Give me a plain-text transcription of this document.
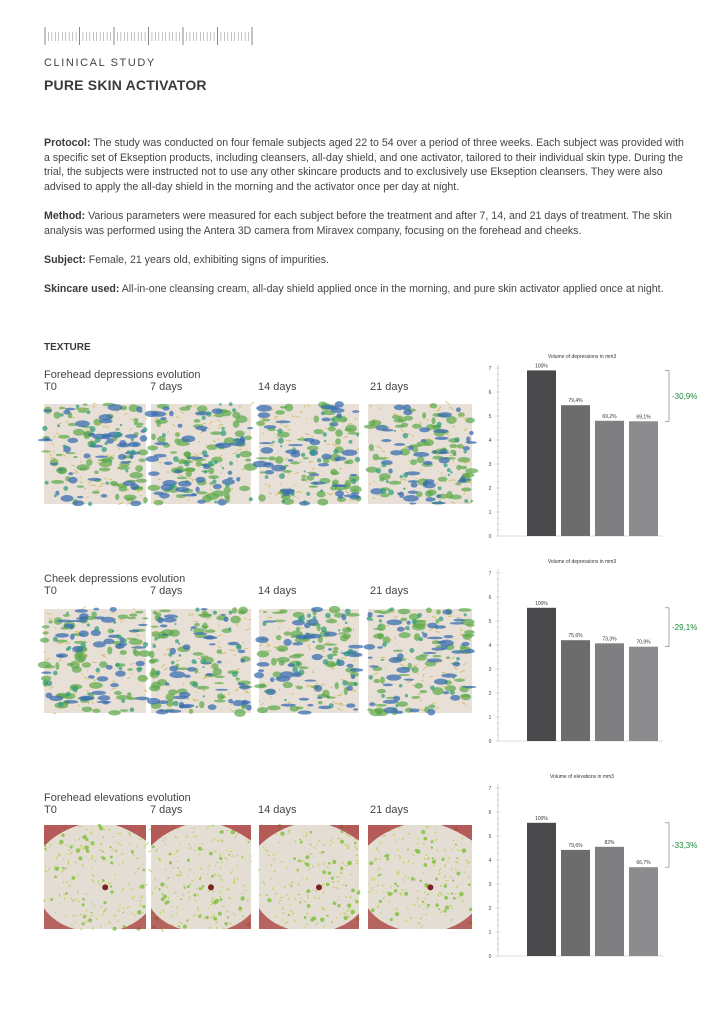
CLINICAL STUDY
PURE SKIN ACTIVATOR
Protocol: The study was conducted on four female subjects aged 22 to 54 over a period of three weeks. Each subject was provided with a specific set of Ekseption products, including cleansers, all-day shield, and one activator, tailored to their individual skin type. During the trial, the subjects were instructed not to use any other skincare products and to exclusively use Ekseption cleansers. They were also advised to apply the all-day shield in the morning and the activator once per day at night.
Method: Various parameters were measured for each subject before the treatment and after 7, 14, and 21 days of treatment. The skin analysis was performed using the Antera 3D camera from Miravex company, focusing on the forehead and cheeks.
Subject: Female, 21 years old, exhibiting signs of impurities.
Skincare used: All-in-one cleansing cream, all-day shield applied once in the morning, and pure skin activator applied once at night.
TEXTURE
Forehead depressions evolution
T0	7 days	14 days	21 days
Cheek depressions evolution
T0	7 days	14 days	21 days
Forehead elevations evolution
T0	7 days	14 days	21 days
Volume of depressions in mm3
0
1
2
3
4
5
6
7	100%
79,4%
69,2%	69,1%
-30,9%
Volume of depressions in mm3
0
1
2
3
4
5
6
7
100%
75,6%
73,3%
70,9%
-29,1%
Volume of elevations in mm3
0
1
2
3
4
5
6
7
100%
79,6%
82%
66,7%
-33,3%
